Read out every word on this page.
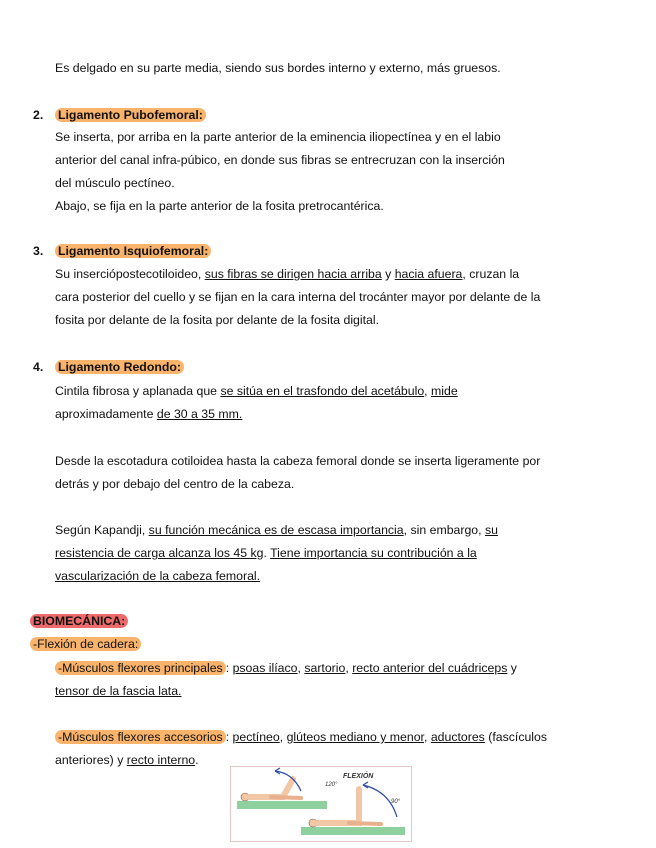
Es delgado en su parte media, siendo sus bordes interno y externo, más gruesos.
2. Ligamento Pubofemoral:
Se inserta, por arriba en la parte anterior de la eminencia iliopectínea y en el labio
anterior del canal infra-púbico, en donde sus fibras se entrecruzan con la inserción
del músculo pectíneo.
Abajo, se fija en la parte anterior de la fosita pretrocantérica.
3. Ligamento Isquiofemoral:
Su inserciópostecotiloideo, sus fibras se dirigen hacia arriba y hacia afuera, cruzan la
cara posterior del cuello y se fijan en la cara interna del trocánter mayor por delante de la
fosita por delante de la fosita por delante de la fosita digital.
4. Ligamento Redondo:
Cintila fibrosa y aplanada que se sitúa en el trasfondo del acetábulo, mide
aproximadamente de 30 a 35 mm.
Desde la escotadura cotiloidea hasta la cabeza femoral donde se inserta ligeramente por
detrás y por debajo del centro de la cabeza.
Según Kapandji, su función mecánica es de escasa importancia, sin embargo, su
resistencia de carga alcanza los 45 kg. Tiene importancia su contribución a la
vascularización de la cabeza femoral.
BIOMECÁNICA:
-Flexión de cadera:
-Músculos flexores principales : psoas ilíaco, sartorio, recto anterior del cuádriceps y
tensor de la fascia lata.
-Músculos flexores accesorios : pectíneo, glúteos mediano y menor, aductores (fascículos
anteriores) y recto interno.
FLEXIÓN
120°
90°
